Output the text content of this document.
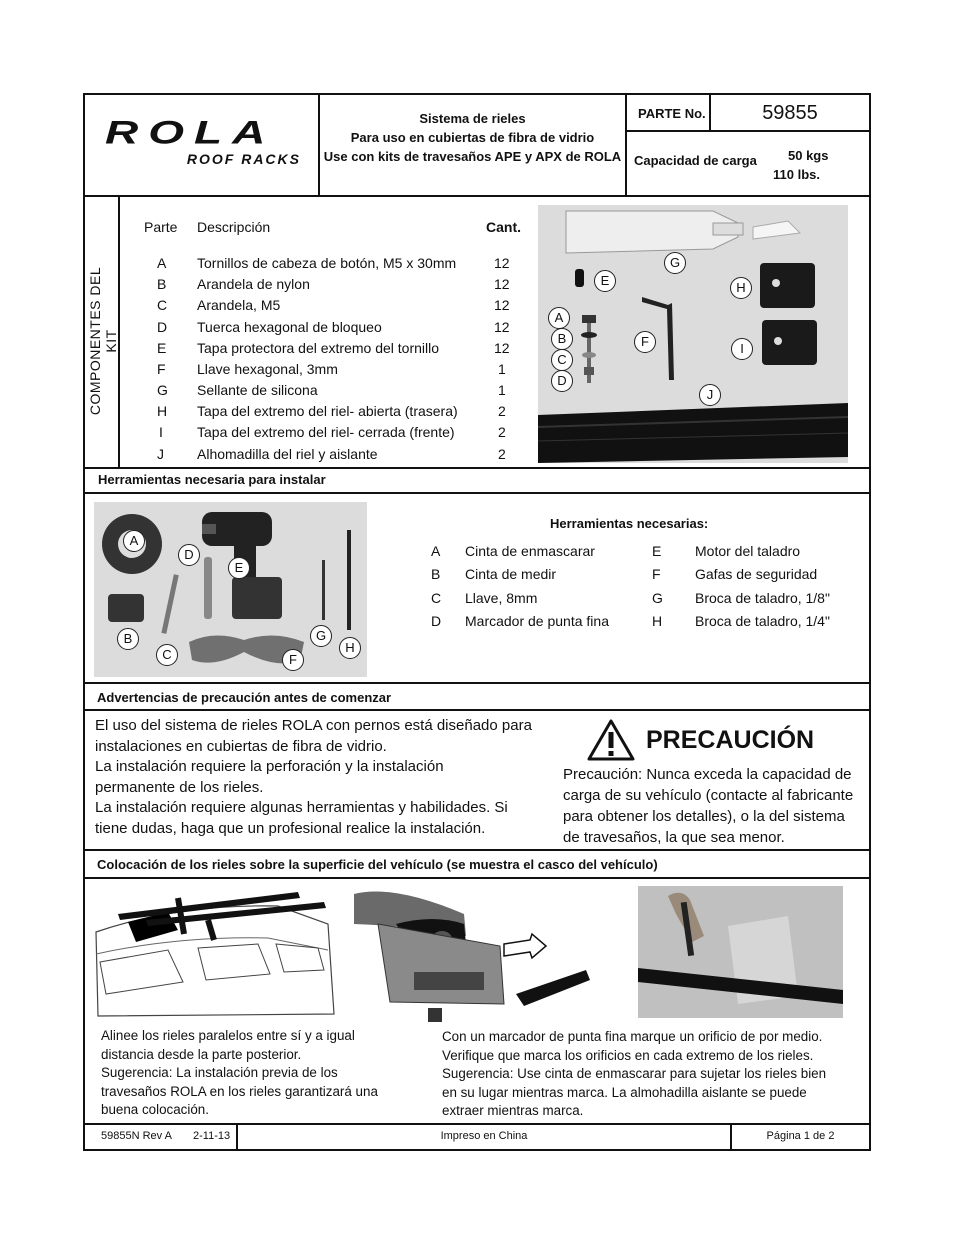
ROLA
ROOF RACKS
Sistema de rieles
Para uso en cubiertas de fibra de vidrio
Use con kits de travesaños APE y APX de ROLA
PARTE No.	59855
Capacidad de carga 50 kgs
110 lbs.
COMPONENTES DEL KIT
Parte Descripción	Cant.
A Tornillos de cabeza de botón, M5 x 30mm	12
B Arandela de nylon	12
C Arandela, M5	12
D Tuerca hexagonal de bloqueo	12
E Tapa protectora del extremo del tornillo	12
F Llave hexagonal, 3mm	1
G Sellante de silicona	1
H Tapa del extremo del riel- abierta (trasera)	2
I Tapa del extremo del riel- cerrada (frente)	2
J Alhomadilla del riel y aislante	2
G
E	H
A
B
C
D
F	I
J
Herramientas necesaria para instalar
A
D
E
B
C
G
H
F
Herramientas necesarias:
A Cinta de enmascarar
B Cinta de medir
C Llave, 8mm
D Marcador de punta fina
E Motor del taladro
F Gafas de seguridad
G Broca de taladro, 1/8"
H Broca de taladro, 1/4"
Advertencias de precaución antes de comenzar
El uso del sistema de rieles ROLA con pernos está diseñado para
instalaciones en cubiertas de fibra de vidrio.
La instalación requiere la perforación y la instalación
permanente de los rieles.
La instalación requiere algunas herramientas y habilidades. Si
tiene dudas, haga que un profesional realice la instalación.
PRECAUCIÓN
Precaución: Nunca exceda la capacidad de
carga de su vehículo (contacte al fabricante
para obtener los detalles), o la del sistema
de travesaños, la que sea menor.
Colocación de los rieles sobre la superficie del vehículo (se muestra el casco del vehículo)
Alinee los rieles paralelos entre sí y a igual
distancia desde la parte posterior.
Sugerencia: La instalación previa de los
travesaños ROLA en los rieles garantizará una
buena colocación.
Con un marcador de punta fina marque un orificio de por medio.
Verifique que marca los orificios en cada extremo de los rieles.
Sugerencia: Use cinta de enmascarar para sujetar los rieles bien
en su lugar mientras marca. La almohadilla aislante se puede
extraer mientras marca.
59855N Rev A 2-11-13	Impreso en China	Página 1 de 2
